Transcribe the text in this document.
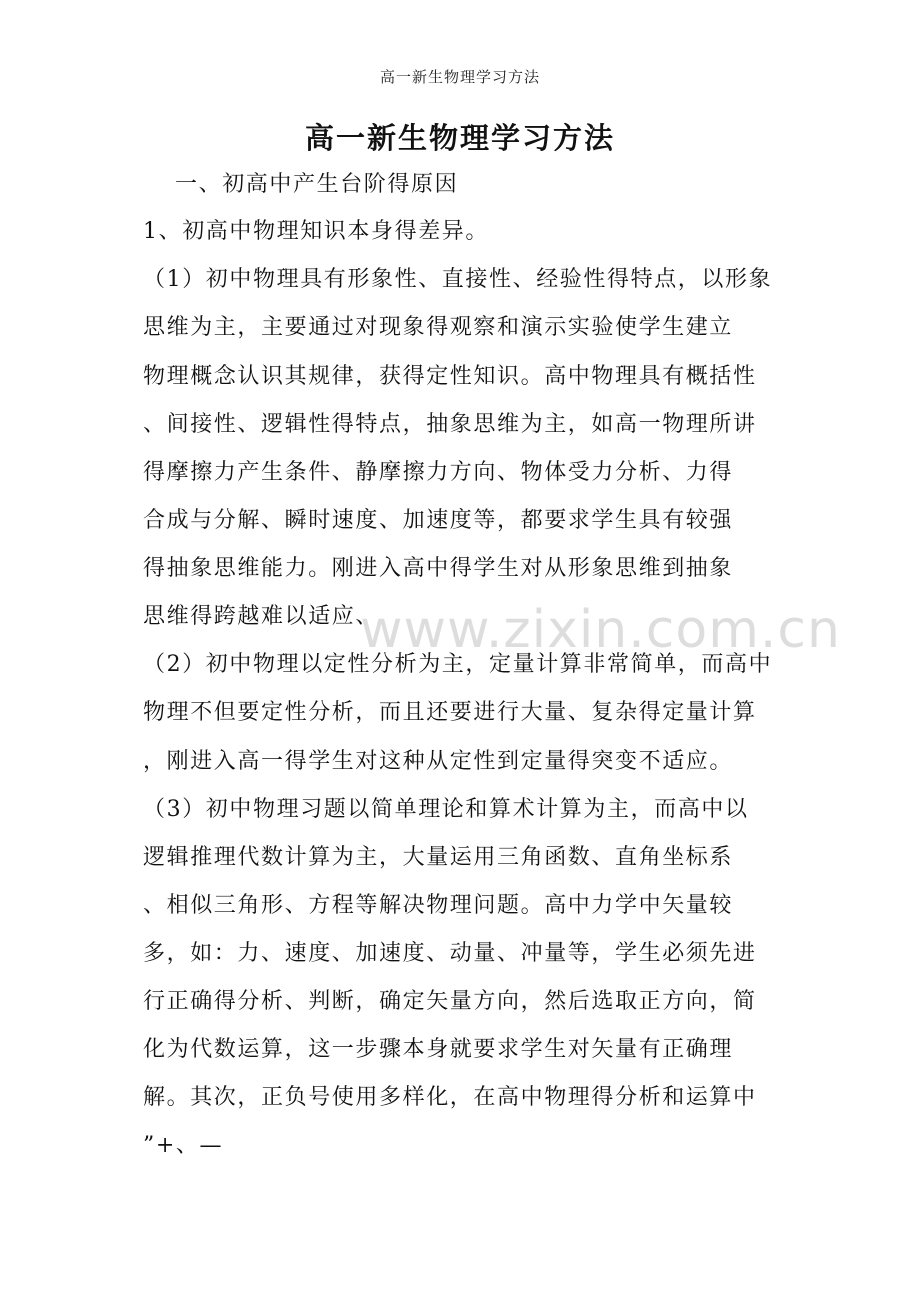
高一新生物理学习方法
高一新生物理学习方法
一、初高中产生台阶得原因
1、初高中物理知识本身得差异。
（1）初中物理具有形象性、直接性、经验性得特点，以形象
思维为主，主要通过对现象得观察和演示实验使学生建立
物理概念认识其规律，获得定性知识。高中物理具有概括性
、间接性、逻辑性得特点，抽象思维为主，如高一物理所讲
得摩擦力产生条件、静摩擦力方向、物体受力分析、力得
合成与分解、瞬时速度、加速度等，都要求学生具有较强
得抽象思维能力。刚进入高中得学生对从形象思维到抽象
思维得跨越难以适应、
（2）初中物理以定性分析为主，定量计算非常简单，而高中
物理不但要定性分析，而且还要进行大量、复杂得定量计算
，刚进入高一得学生对这种从定性到定量得突变不适应。
（3）初中物理习题以简单理论和算术计算为主，而高中以
逻辑推理代数计算为主，大量运用三角函数、直角坐标系
、相似三角形、方程等解决物理问题。高中力学中矢量较
多，如：力、速度、加速度、动量、冲量等，学生必须先进
行正确得分析、判断，确定矢量方向，然后选取正方向，简
化为代数运算，这一步骤本身就要求学生对矢量有正确理
解。其次，正负号使用多样化，在高中物理得分析和运算中
”+、—
www.zixin.com.cn
